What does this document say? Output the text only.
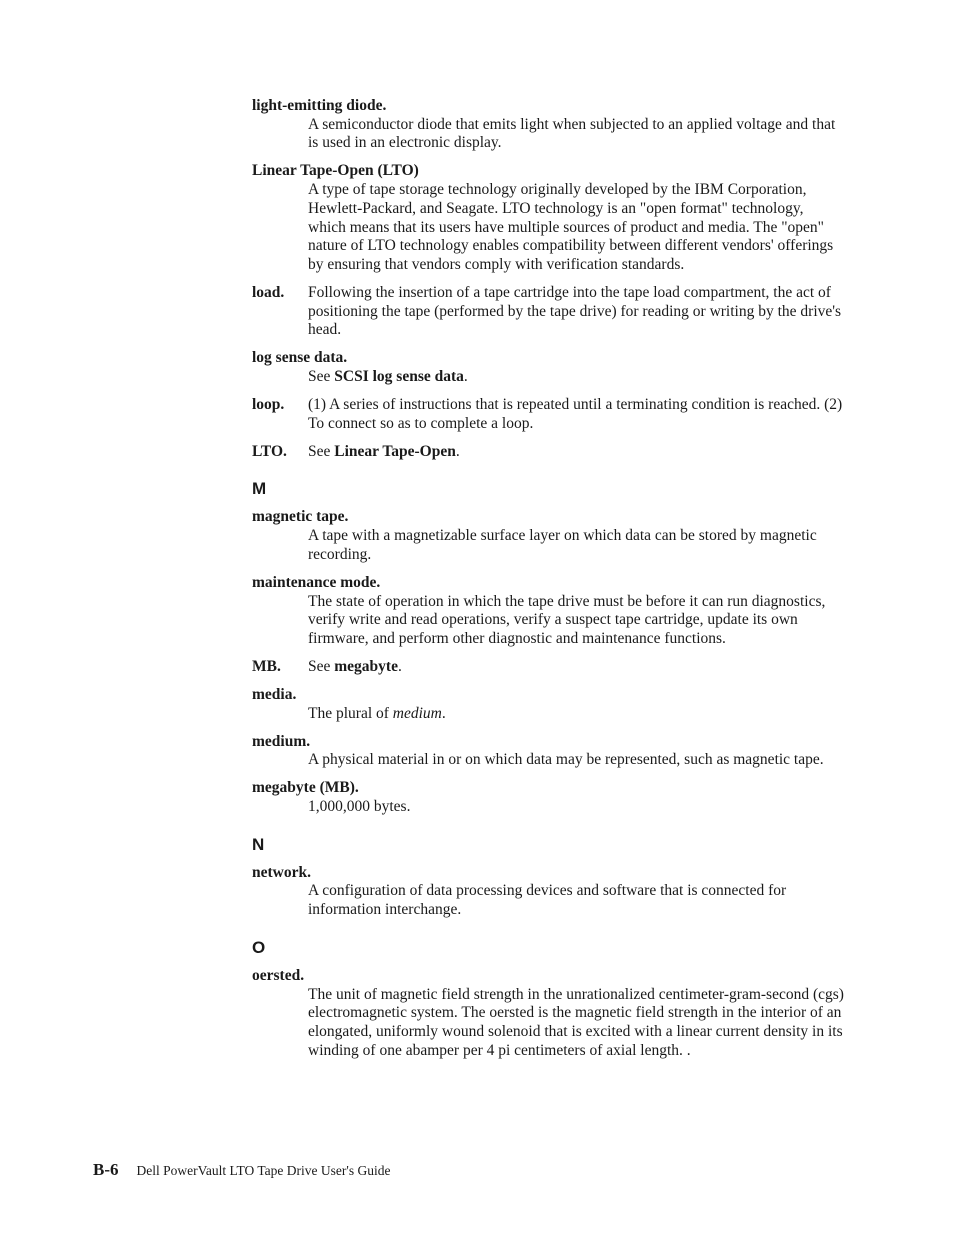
light-emitting diode.
A semiconductor diode that emits light when subjected to an applied voltage and that is used in an electronic display.
Linear Tape-Open (LTO)
A type of tape storage technology originally developed by the IBM Corporation, Hewlett-Packard, and Seagate. LTO technology is an "open format" technology, which means that its users have multiple sources of product and media. The "open" nature of LTO technology enables compatibility between different vendors' offerings by ensuring that vendors comply with verification standards.
load.	Following the insertion of a tape cartridge into the tape load compartment, the act of positioning the tape (performed by the tape drive) for reading or writing by the drive's head.
log sense data.
See SCSI log sense data.
loop.	(1) A series of instructions that is repeated until a terminating condition is reached. (2) To connect so as to complete a loop.
LTO.	See Linear Tape-Open.
M
magnetic tape.
A tape with a magnetizable surface layer on which data can be stored by magnetic recording.
maintenance mode.
The state of operation in which the tape drive must be before it can run diagnostics, verify write and read operations, verify a suspect tape cartridge, update its own firmware, and perform other diagnostic and maintenance functions.
MB.	See megabyte.
media.
The plural of medium.
medium.
A physical material in or on which data may be represented, such as magnetic tape.
megabyte (MB).
1,000,000 bytes.
N
network.
A configuration of data processing devices and software that is connected for information interchange.
O
oersted.
The unit of magnetic field strength in the unrationalized centimeter-gram-second (cgs) electromagnetic system. The oersted is the magnetic field strength in the interior of an elongated, uniformly wound solenoid that is excited with a linear current density in its winding of one abamper per 4 pi centimeters of axial length. .
B-6 Dell PowerVault LTO Tape Drive User's Guide
